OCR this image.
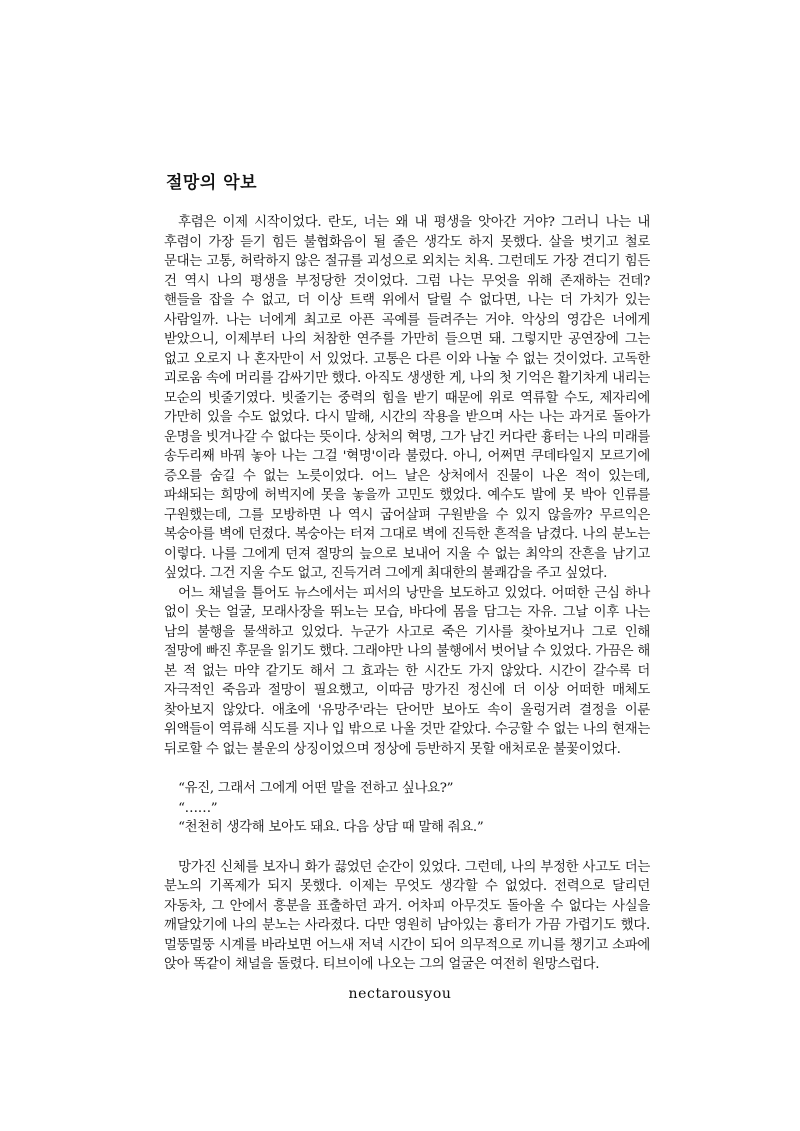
절망의 악보

후렴은 이제 시작이었다. 란도, 너는 왜 내 평생을 앗아간 거야? 그러니 나는 내 후렴이 가장 듣기 힘든 불협화음이 될 줄은 생각도 하지 못했다. 살을 벗기고 철로 문대는 고통, 허락하지 않은 절규를 괴성으로 외치는 치욕. 그런데도 가장 견디기 힘든 건 역시 나의 평생을 부정당한 것이었다. 그럼 나는 무엇을 위해 존재하는 건데? 핸들을 잡을 수 없고, 더 이상 트랙 위에서 달릴 수 없다면, 나는 더 가치가 있는 사람일까. 나는 너에게 최고로 아픈 곡예를 들려주는 거야. 악상의 영감은 너에게 받았으니, 이제부터 나의 처참한 연주를 가만히 들으면 돼. 그렇지만 공연장에 그는 없고 오로지 나 혼자만이 서 있었다. 고통은 다른 이와 나눌 수 없는 것이었다. 고독한 괴로움 속에 머리를 감싸기만 했다. 아직도 생생한 게, 나의 첫 기억은 활기차게 내리는 모순의 빗줄기였다. 빗줄기는 중력의 힘을 받기 때문에 위로 역류할 수도, 제자리에 가만히 있을 수도 없었다. 다시 말해, 시간의 작용을 받으며 사는 나는 과거로 돌아가 운명을 빗겨나갈 수 없다는 뜻이다. 상처의 혁명, 그가 남긴 커다란 흉터는 나의 미래를 송두리째 바꿔 놓아 나는 그걸 '혁명'이라 불렀다. 아니, 어쩌면 쿠데타일지 모르기에 증오를 숨길 수 없는 노릇이었다. 어느 날은 상처에서 진물이 나온 적이 있는데, 파쇄되는 희망에 허벅지에 못을 놓을까 고민도 했었다. 예수도 발에 못 박아 인류를 구원했는데, 그를 모방하면 나 역시 굽어살펴 구원받을 수 있지 않을까? 무르익은 복숭아를 벽에 던졌다. 복숭아는 터져 그대로 벽에 진득한 흔적을 남겼다. 나의 분노는 이렇다. 나를 그에게 던져 절망의 늪으로 보내어 지울 수 없는 최악의 잔흔을 남기고 싶었다. 그건 지울 수도 없고, 진득거려 그에게 최대한의 불쾌감을 주고 싶었다.

어느 채널을 틀어도 뉴스에서는 피서의 낭만을 보도하고 있었다. 어떠한 근심 하나 없이 웃는 얼굴, 모래사장을 뛰노는 모습, 바다에 몸을 담그는 자유. 그날 이후 나는 남의 불행을 물색하고 있었다. 누군가 사고로 죽은 기사를 찾아보거나 그로 인해 절망에 빠진 후문을 읽기도 했다. 그래야만 나의 불행에서 벗어날 수 있었다. 가끔은 해 본 적 없는 마약 같기도 해서 그 효과는 한 시간도 가지 않았다. 시간이 갈수록 더 자극적인 죽음과 절망이 필요했고, 이따금 망가진 정신에 더 이상 어떠한 매체도 찾아보지 않았다. 애초에 '유망주'라는 단어만 보아도 속이 울렁거려 결정을 이룬 위액들이 역류해 식도를 지나 입 밖으로 나올 것만 같았다. 수긍할 수 없는 나의 현재는 뒤로할 수 없는 불운의 상징이었으며 정상에 등반하지 못할 애처로운 불꽃이었다.

“유진, 그래서 그에게 어떤 말을 전하고 싶나요?”

“……”

“천천히 생각해 보아도 돼요. 다음 상담 때 말해 줘요.”

망가진 신체를 보자니 화가 끓었던 순간이 있었다. 그런데, 나의 부정한 사고도 더는 분노의 기폭제가 되지 못했다. 이제는 무엇도 생각할 수 없었다. 전력으로 달리던 자동차, 그 안에서 흥분을 표출하던 과거. 어차피 아무것도 돌아올 수 없다는 사실을 깨달았기에 나의 분노는 사라졌다. 다만 영원히 남아있는 흉터가 가끔 가렵기도 했다. 멀뚱멀뚱 시계를 바라보면 어느새 저녁 시간이 되어 의무적으로 끼니를 챙기고 소파에 앉아 똑같이 채널을 돌렸다. 티브이에 나오는 그의 얼굴은 여전히 원망스럽다.

nectarousyou
